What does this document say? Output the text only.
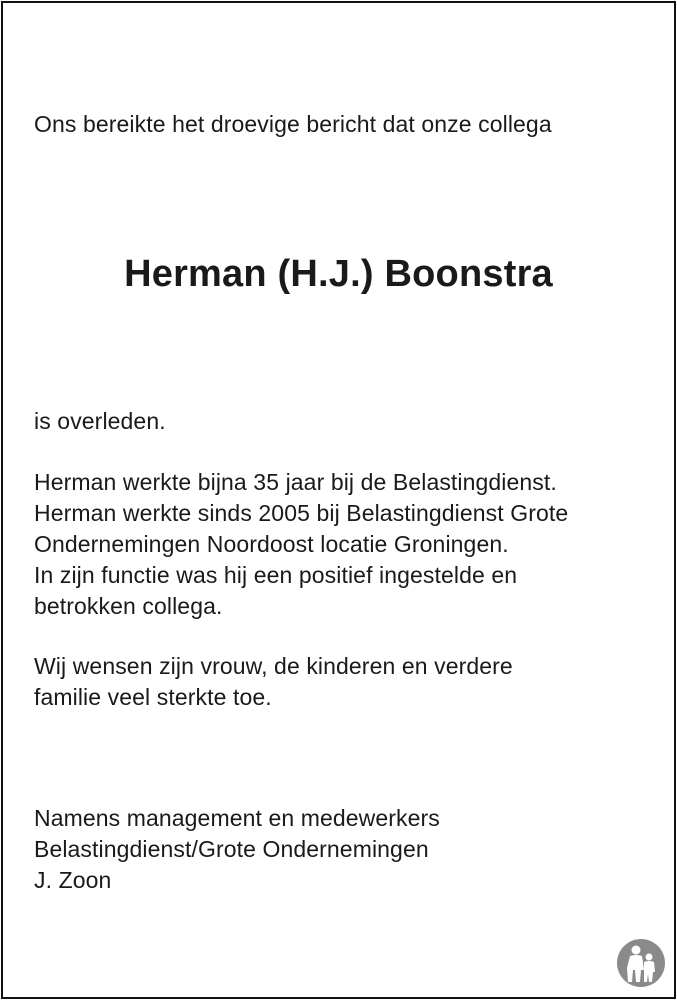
Ons bereikte het droevige bericht dat onze collega
Herman (H.J.) Boonstra
is overleden.
Herman werkte bijna 35 jaar bij de Belastingdienst.
Herman werkte sinds 2005 bij Belastingdienst Grote
Ondernemingen Noordoost locatie Groningen.
In zijn functie was hij een positief ingestelde en
betrokken collega.
Wij wensen zijn vrouw, de kinderen en verdere
familie veel sterkte toe.
Namens management en medewerkers
Belastingdienst/Grote Ondernemingen
J. Zoon
